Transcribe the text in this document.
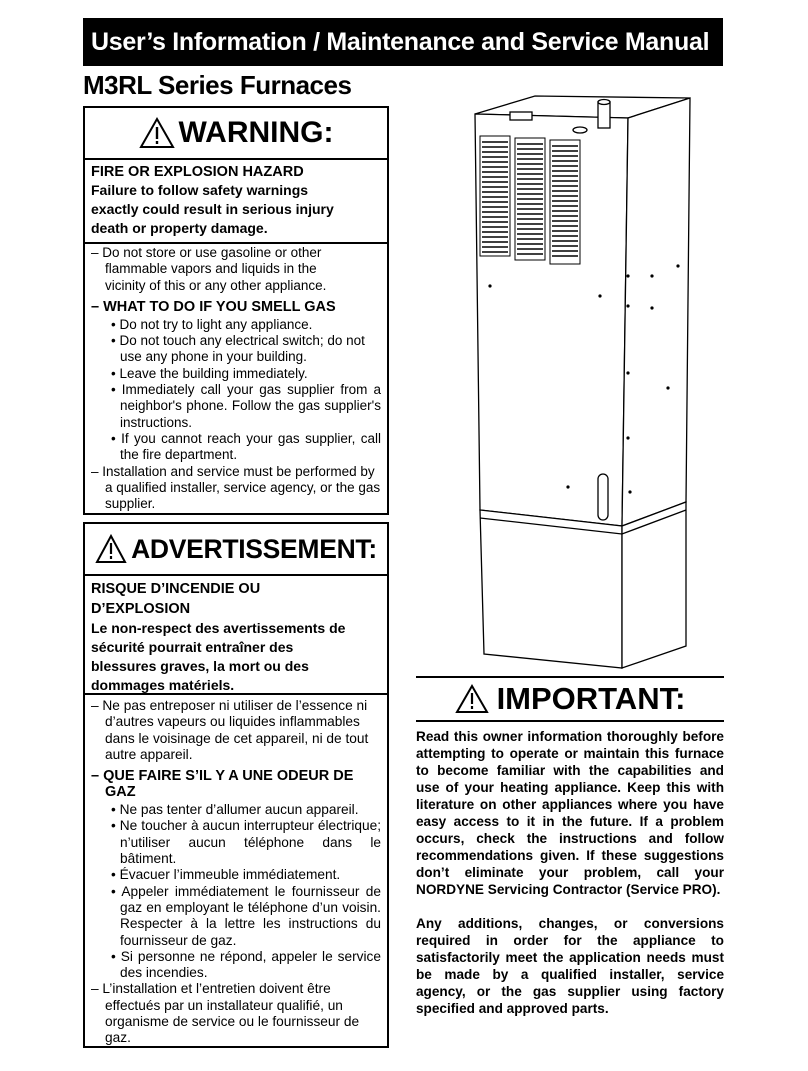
User’s Information / Maintenance and Service Manual
M3RL Series Furnaces
WARNING:
FIRE OR EXPLOSION HAZARD
Failure to follow safety warnings
exactly could result in serious injury
death or property damage.
– Do not store or use gasoline or other
flammable vapors and liquids in the
vicinity of this or any other appliance.
– WHAT TO DO IF YOU SMELL GAS
• Do not try to light any appliance.
• Do not touch any electrical switch; do not use any phone in your building.
• Leave the building immediately.
• Immediately call your gas supplier from a neighbor's phone. Follow the gas supplier's instructions.
• If you cannot reach your gas supplier, call the fire department.
– Installation and service must be performed by a qualified installer, service agency, or the gas supplier.
ADVERTISSEMENT:
RISQUE D’INCENDIE OU
D’EXPLOSION
Le non-respect des avertissements de
sécurité pourrait entraîner des
blessures graves, la mort ou des
dommages matériels.
– Ne pas entreposer ni utiliser de l’essence ni d’autres vapeurs ou liquides inflammables dans le voisinage de cet appareil, ni de tout autre appareil.
– QUE FAIRE S’IL Y A UNE ODEUR DE GAZ
• Ne pas tenter d’allumer aucun appareil.
• Ne toucher à aucun interrupteur électrique; n’utiliser aucun téléphone dans le bâtiment.
• Évacuer l’immeuble immédiatement.
• Appeler immédiatement le fournisseur de gaz en employant le téléphone d’un voisin. Respecter à la lettre les instructions du fournisseur de gaz.
• Si personne ne répond, appeler le service des incendies.
– L’installation et l’entretien doivent être effectués par un installateur qualifié, un organisme de service ou le fournisseur de gaz.
IMPORTANT:

Read this owner information thoroughly before attempting to operate or maintain this furnace to become familiar with the capabilities and use of your heating appliance. Keep this with literature on other appliances where you have easy access to it in the future. If a problem occurs, check the instructions and follow recommendations given. If these suggestions don’t eliminate your problem, call your NORDYNE Servicing Contractor (Service PRO).

Any additions, changes, or conversions required in order for the appliance to satisfactorily meet the application needs must be made by a qualified installer, service agency, or the gas supplier using factory specified and approved parts.
